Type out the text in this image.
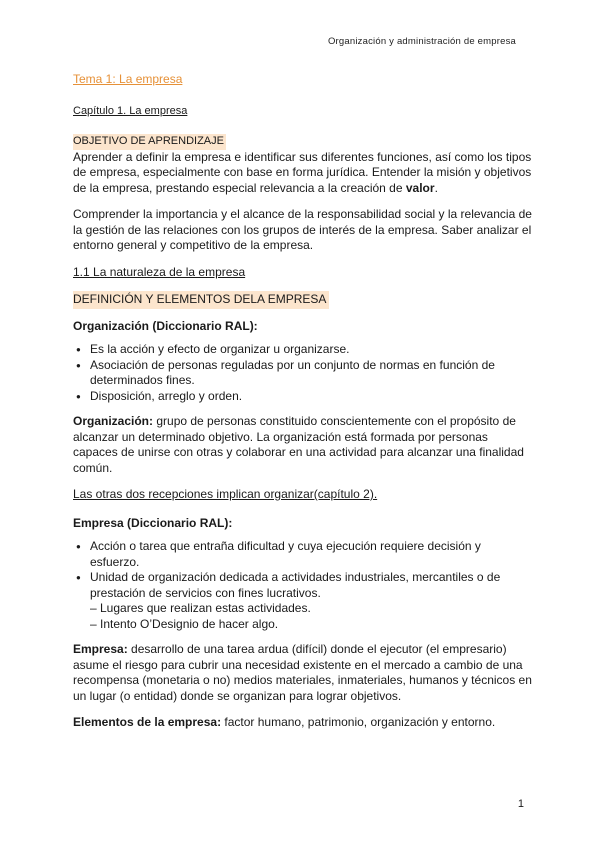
Organización y administración de empresa

Tema 1: La empresa

Capítulo 1. La empresa

OBJETIVO DE APRENDIZAJE

Aprender a definir la empresa e identificar sus diferentes funciones, así como los tipos de empresa, especialmente con base en forma jurídica. Entender la misión y objetivos de la empresa, prestando especial relevancia a la creación de valor.

Comprender la importancia y el alcance de la responsabilidad social y la relevancia de la gestión de las relaciones con los grupos de interés de la empresa. Saber analizar el entorno general y competitivo de la empresa.

1.1 La naturaleza de la empresa

DEFINICIÓN Y ELEMENTOS DELA EMPRESA

Organización (Diccionario RAL):

● Es la acción y efecto de organizar u organizarse.
● Asociación de personas reguladas por un conjunto de normas en función de determinados fines.
● Disposición, arreglo y orden.

Organización: grupo de personas constituido conscientemente con el propósito de alcanzar un determinado objetivo. La organización está formada por personas capaces de unirse con otras y colaborar en una actividad para alcanzar una finalidad común.

Las otras dos recepciones implican organizar(capítulo 2).

Empresa (Diccionario RAL):

● Acción o tarea que entraña dificultad y cuya ejecución requiere decisión y esfuerzo.
● Unidad de organización dedicada a actividades industriales, mercantiles o de prestación de servicios con fines lucrativos.
– Lugares que realizan estas actividades.
– Intento O’Designio de hacer algo.

Empresa: desarrollo de una tarea ardua (difícil) donde el ejecutor (el empresario) asume el riesgo para cubrir una necesidad existente en el mercado a cambio de una recompensa (monetaria o no) medios materiales, inmateriales, humanos y técnicos en un lugar (o entidad) donde se organizan para lograr objetivos.

Elementos de la empresa: factor humano, patrimonio, organización y entorno.

1
